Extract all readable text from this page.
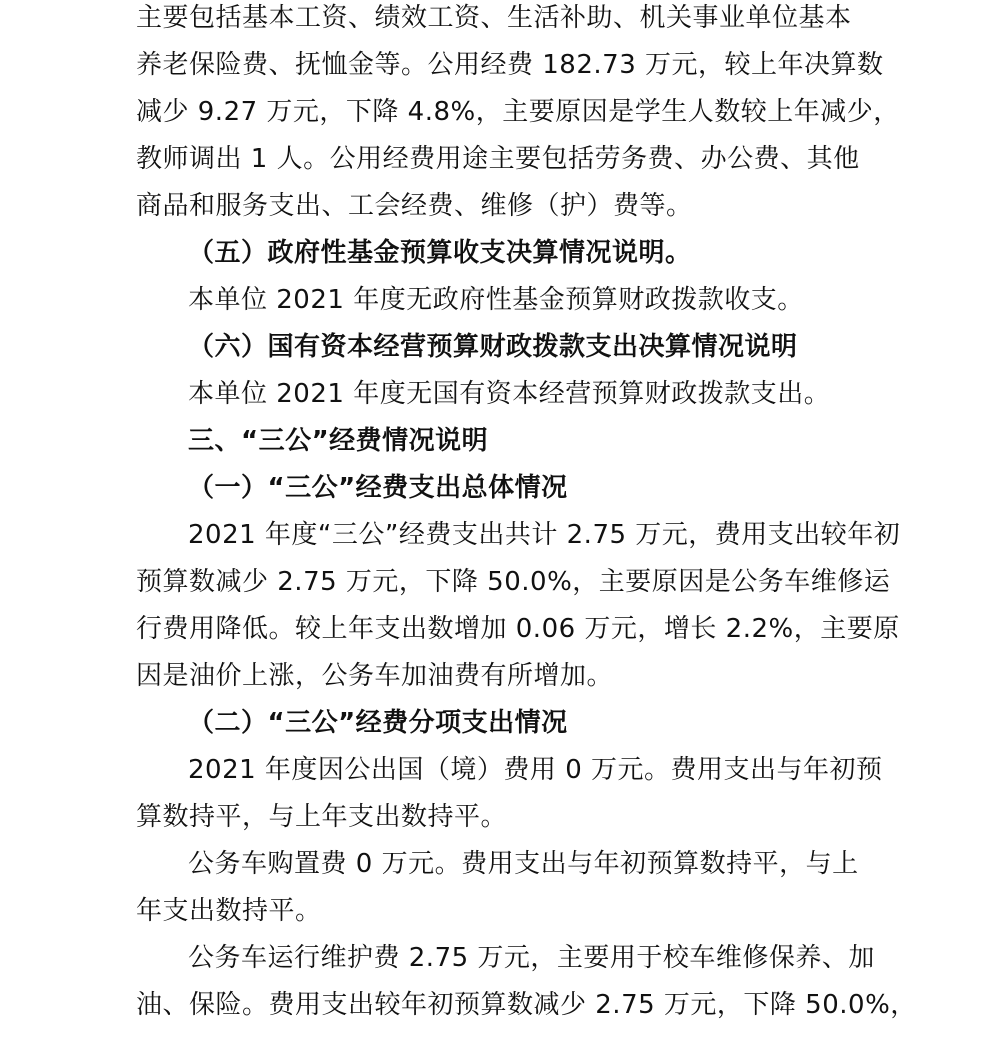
主要包括基本工资、绩效工资、生活补助、机关事业单位基本
养老保险费、抚恤金等。公用经费 182.73 万元，较上年决算数
减少 9.27 万元，下降 4.8%，主要原因是学生人数较上年减少，
教师调出 1 人。公用经费用途主要包括劳务费、办公费、其他
商品和服务支出、工会经费、维修（护）费等。
（五）政府性基金预算收支决算情况说明。
本单位 2021 年度无政府性基金预算财政拨款收支。
（六）国有资本经营预算财政拨款支出决算情况说明
本单位 2021 年度无国有资本经营预算财政拨款支出。
三、“三公”经费情况说明
（一）“三公”经费支出总体情况
2021 年度“三公”经费支出共计 2.75 万元，费用支出较年初
预算数减少 2.75 万元，下降 50.0%，主要原因是公务车维修运
行费用降低。较上年支出数增加 0.06 万元，增长 2.2%，主要原
因是油价上涨，公务车加油费有所增加。
（二）“三公”经费分项支出情况
2021 年度因公出国（境）费用 0 万元。费用支出与年初预
算数持平，与上年支出数持平。
公务车购置费 0 万元。费用支出与年初预算数持平，与上
年支出数持平。
公务车运行维护费 2.75 万元，主要用于校车维修保养、加
油、保险。费用支出较年初预算数减少 2.75 万元，下降 50.0%，
